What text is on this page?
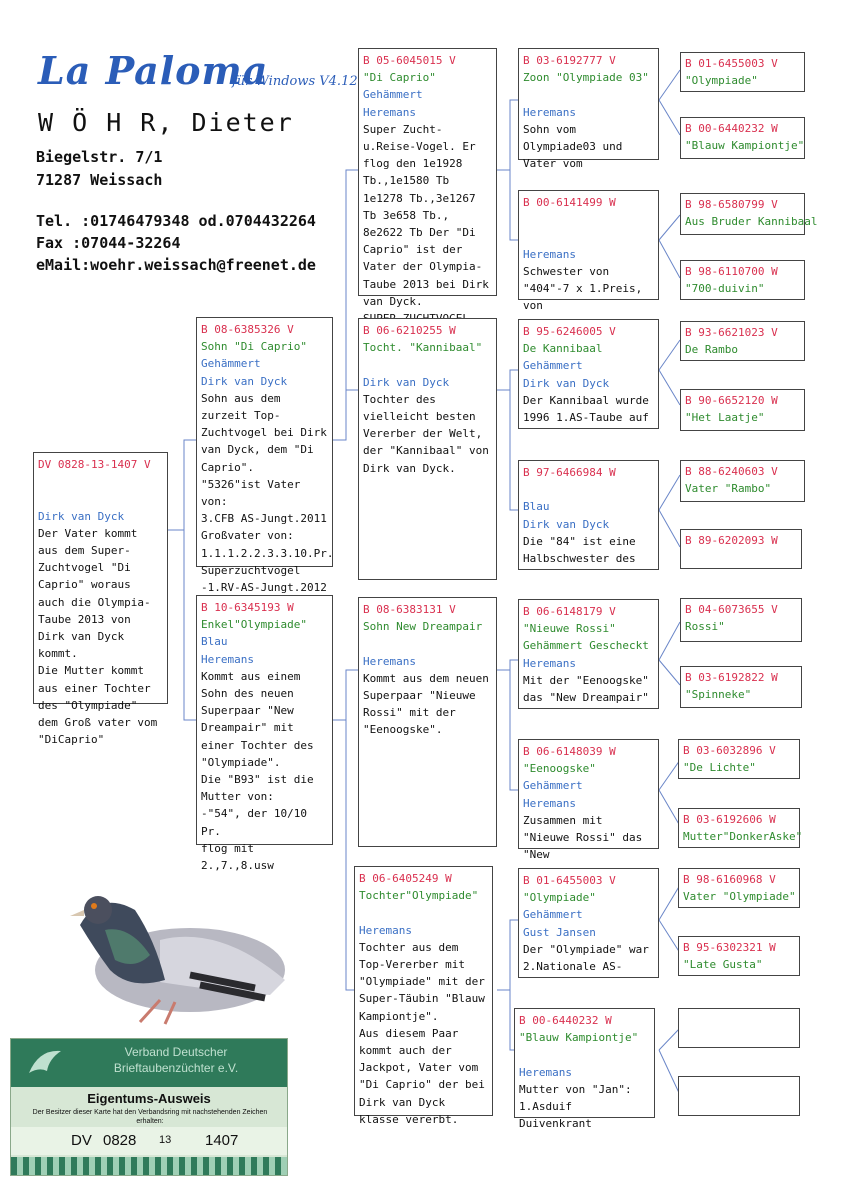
La Paloma
für Windows V4.12
W Ö H R, Dieter
Biegelstr. 7/1
71287 Weissach
Tel. :01746479348 od.0704432264
Fax :07044-32264
eMail:woehr.weissach@freenet.de
DV 0828-13-1407 V

Dirk van Dyck
Der Vater kommt aus dem Super-Zuchtvogel "Di Caprio" woraus auch die Olympia-Taube 2013 von Dirk van Dyck kommt.
Die Mutter kommt aus einer Tochter des "Olympiade" dem Groß vater vom "DiCaprio"
B 08-6385326 V
Sohn "Di Caprio"
Gehämmert
Dirk van Dyck
Sohn aus dem zurzeit Top-Zuchtvogel bei Dirk van Dyck, dem "Di Caprio".
"5326"ist Vater von:
3.CFB AS-Jungt.2011
Großvater von:
1.1.1.2.2.3.3.10.Pr.
Superzuchtvogel
-1.RV-AS-Jungt.2012
B 10-6345193 W
Enkel"Olympiade"
Blau
Heremans
Kommt aus einem Sohn des neuen Superpaar "New Dreampair" mit einer Tochter des "Olympiade".
Die "B93" ist die Mutter von:
-"54", der 10/10 Pr.
flog mit 2.,7.,8.usw
B 05-6045015 V
"Di Caprio"
Gehämmert
Heremans
Super Zucht-u.Reise-Vogel. Er flog den 1e1928 Tb.,1e1580 Tb 1e1278 Tb.,3e1267 Tb 3e658 Tb., 8e2622 Tb Der "Di Caprio" ist der Vater der Olympia-Taube 2013 bei Dirk van Dyck.

B 06-6210255 W
Tocht. "Kannibaal"

Dirk van Dyck
Tochter des vielleicht besten Vererber der Welt, der "Kannibaal" von Dirk van Dyck.
B 08-6383131 V
Sohn New Dreampair

Heremans
Kommt aus dem neuen Superpaar "Nieuwe Rossi" mit der "Eenoogske".
B 06-6405249 W
Tochter"Olympiade"

Heremans
Tochter aus dem Top-Vererber mit "Olympiade" mit der Super-Täubin "Blauw Kampiontje".
Aus diesem Paar kommt auch der Jackpot, Vater vom "Di Caprio" der bei Dirk van Dyck klasse vererbt.
B 03-6192777 V
Zoon "Olympiade 03"

Heremans
Sohn vom Olympiade03 und Vater vom
B 00-6141499 W

Heremans
Schwester von "404"-7 x 1.Preis, von
B 95-6246005 V
De Kannibaal
Gehämmert
Dirk van Dyck
Der Kannibaal wurde 1996 1.AS-Taube auf
B 97-6466984 W

Blau
Dirk van Dyck
Die "84" ist eine Halbschwester des
B 06-6148179 V
"Nieuwe Rossi"
Gehämmert Gescheckt
Heremans
Mit der "Eenoogske" das "New Dreampair"
B 06-6148039 W
"Eenoogske"
Gehämmert
Heremans
Zusammen mit "Nieuwe Rossi" das "New
B 01-6455003 V
"Olympiade"
Gehämmert
Gust Jansen
Der "Olympiade" war 2.Nationale AS-
B 00-6440232 W
"Blauw Kampiontje"

Heremans
Mutter von "Jan": 1.Asduif Duivenkrant
B 01-6455003 V
"Olympiade"
B 00-6440232 W
"Blauw Kampiontje"
B 98-6580799 V
Aus Bruder Kannibaal
B 98-6110700 W
"700-duivin"
B 93-6621023 V
De Rambo
B 90-6652120 W
"Het Laatje"
B 88-6240603 V
Vater "Rambo"
B 89-6202093 W
B 04-6073655 V
Rossi"
B 03-6192822 W
"Spinneke"
B 03-6032896 V
"De Lichte"
B 03-6192606 W
Mutter"DonkerAske"
B 98-6160968 V
Vater "Olympiade"
B 95-6302321 W
"Late Gusta"
Verband Deutscher
Brieftaubenzüchter e.V.
Eigentums-Ausweis
Der Besitzer dieser Karte hat den Verbandsring mit nachstehenden Zeichen erhalten:
DV 0828 13 1407
